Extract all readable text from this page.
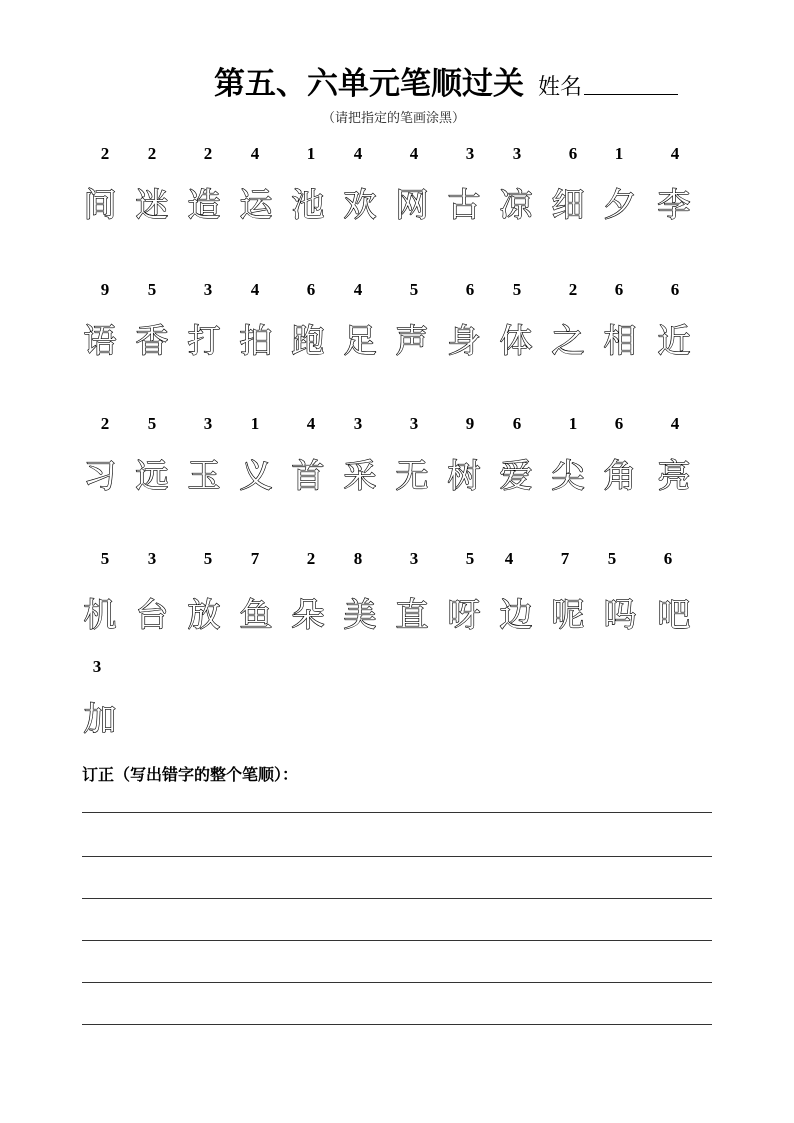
第五、六单元笔顺过关 姓名
（请把指定的笔画涂黑）
2	2	2	4	1	4	4	3	3	6	1	4
间 迷 造 运 池 欢 网 古 凉 细 夕 李
9	5	3	4	6	4	5	6	5	2	6	6
语 香 打 拍 跑 足 声 身 体 之 相 近
2	5	3	1	4	3	3	9	6	1	6	4
习 远 玉 义 首 采 无 树 爱 尖 角 亮
5	3	5	7	2	8	3	5	4	7	5	6
机 台 放 鱼 朵 美 直 呀 边 呢 吗 吧
3
加
订正（写出错字的整个笔顺）：
